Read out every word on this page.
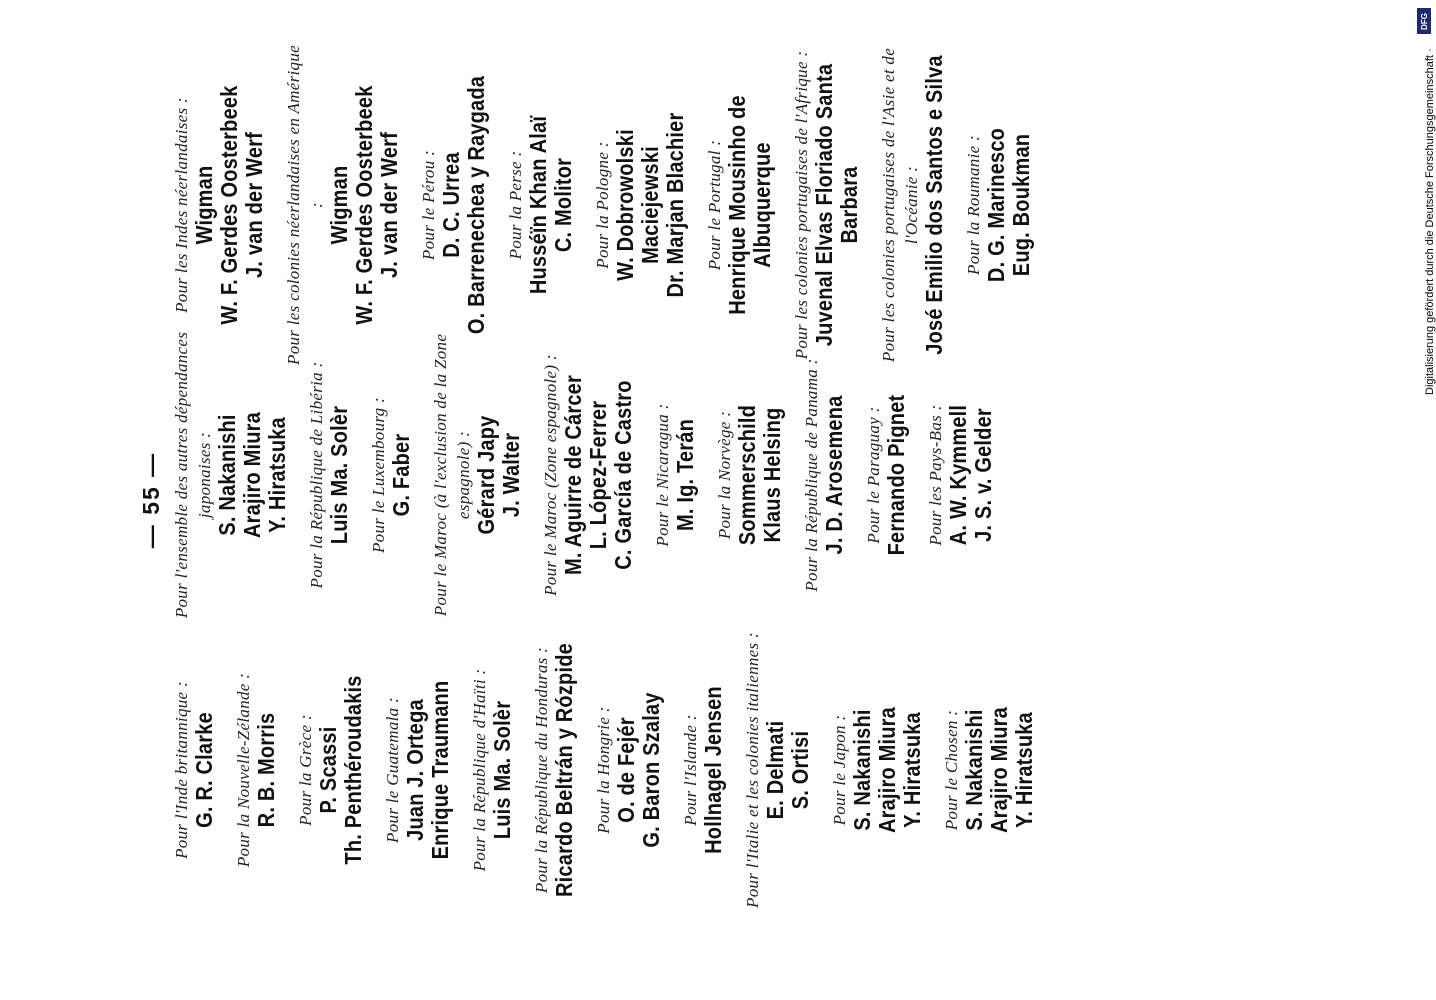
— 55 —
Pour l'Inde britannique : G. R. Clarke Pour la Nouvelle-Zélande : R. B. Morris Pour la Grèce : P. Scassi Th. Penthéroudakis Pour le Guatemala : Juan J. Ortega Enrique Traumann Pour la République d'Haïti : Luis Ma. Solèr Pour la République du Honduras : Ricardo Beltrán y Rózpide Pour la Hongrie : O. de Fejér G. Baron Szalay Pour l'Islande : Hollnagel Jensen Pour l'Italie et les colonies italiennes : E. Delmati S. Ortisi Pour le Japon : S. Nakanishi Arajiro Miura Y. Hiratsuka Pour le Chosen : S. Nakanishi Arajiro Miura Y. Hiratsuka
Pour l'ensemble des autres dépendances japonaises : S. Nakanishi Arajiro Miura Y. Hiratsuka Pour la République de Libéria : Luis Ma. Solèr Pour le Luxembourg : G. Faber Pour le Maroc (à l'exclusion de la Zone espagnole) : Gérard Japy J. Walter Pour le Maroc (Zone espagnole) : M. Aguirre de Cárcer L. López-Ferrer C. García de Castro Pour le Nicaragua : M. Ig. Terán Pour la Norvège : Sommerschild Klaus Helsing Pour la République de Panama : J. D. Arosemena Pour le Paraguay : Fernando Pignet Pour les Pays-Bas : A. W. Kymmell J. S. v. Gelder
Pour les Indes néerlandaises : Wigman W. F. Gerdes Oosterbeek J. van der Werf Pour les colonies néerlandaises en Amérique : Wigman W. F. Gerdes Oosterbeek J. van der Werf Pour le Pérou : D. C. Urrea O. Barrenechea y Raygada Pour la Perse : Husséïn Khan Alaï C. Molitor Pour la Pologne : W. Dobrowolski Maciejewski Dr. Marjan Blachier Pour le Portugal : Henrique Mousinho de Albuquerque Pour les colonies portugaises de l'Afrique : Juvenal Elvas Floriado Santa Barbara Pour les colonies portugaises de l'Asie et de l'Océanie : José Emilio dos Santos e Silva Pour la Roumanie : D. G. Marinesco Eug. Boukman	Digitalisierung gefördert durch die Deutsche Forschungsgemeinschaft ·
DFG
